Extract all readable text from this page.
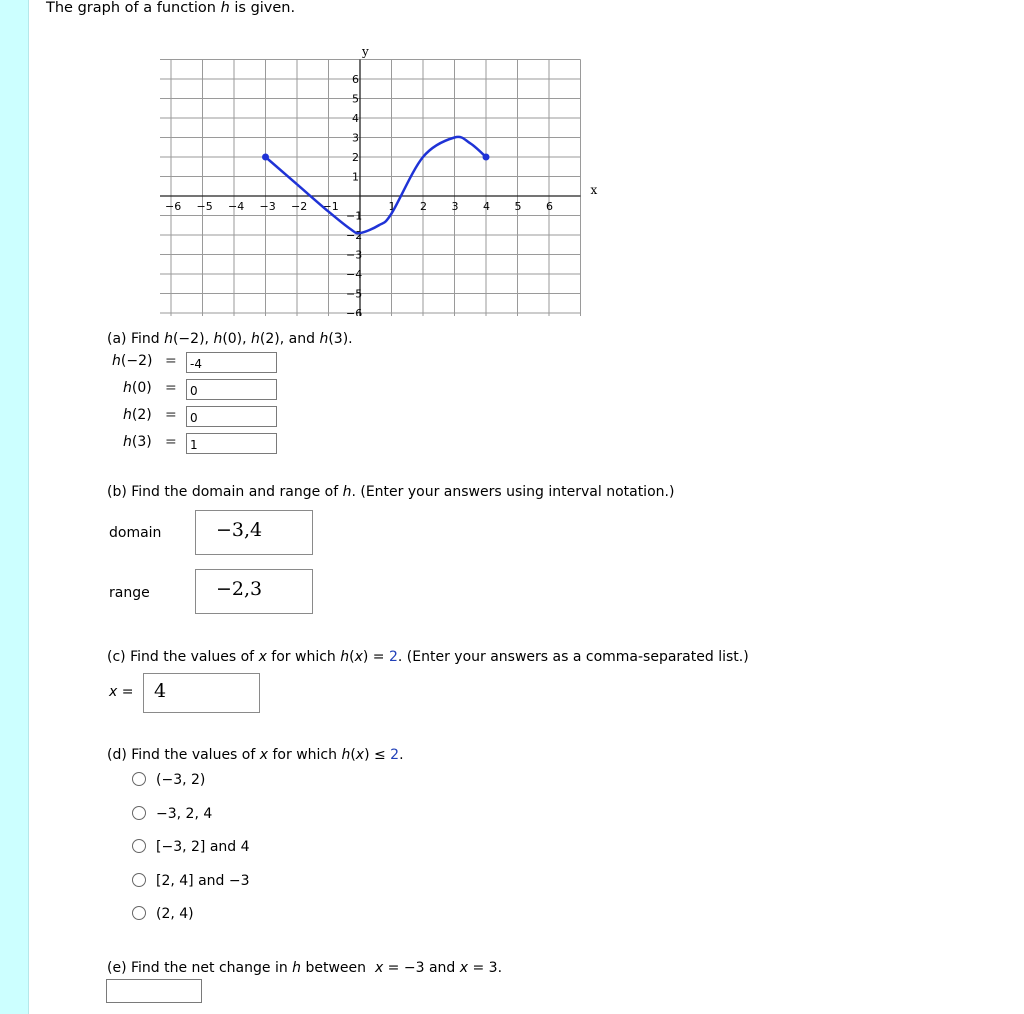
The graph of a function h is given.
−6 −5 −4 −3 −2 −1	1 2 3 4 5 6
6
5
4
3
2
1
−1
−2
−3
−4
−5
−6
x
y
(a) Find h(−2), h(0), h(2), and h(3).
h(−2) =
-4
h(0) =
0
h(2) =
0
h(3) =
1
(b) Find the domain and range of h. (Enter your answers using interval notation.)
domain	−3,4
range	−2,3
(c) Find the values of x for which h(x) = 2. (Enter your answers as a comma-separated list.)
x = 4
(d) Find the values of x for which h(x) ≤ 2.
(−3, 2)
−3, 2, 4
[−3, 2] and 4
[2, 4] and −3
(2, 4)
(e) Find the net change in h between  x = −3 and x = 3.
